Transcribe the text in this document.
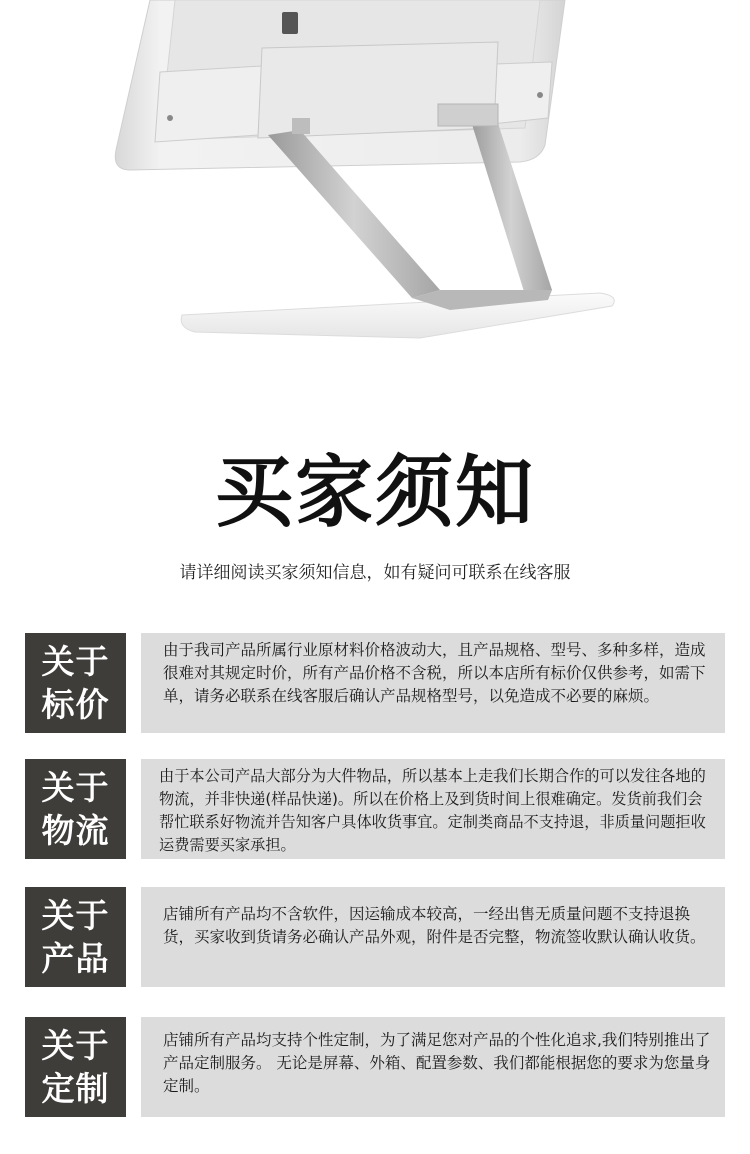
买家须知
请详细阅读买家须知信息，如有疑问可联系在线客服
关于
标价
由于我司产品所属行业原材料价格波动大，且产品规格、型号、多种多样，造成很难对其规定时价，所有产品价格不含税，所以本店所有标价仅供参考，如需下单，请务必联系在线客服后确认产品规格型号，以免造成不必要的麻烦。
关于
物流
由于本公司产品大部分为大件物品，所以基本上走我们长期合作的可以发往各地的物流，并非快递(样品快递)。所以在价格上及到货时间上很难确定。发货前我们会帮忙联系好物流并告知客户具体收货事宜。定制类商品不支持退，非质量问题拒收运费需要买家承担。
关于
产品
店铺所有产品均不含软件，因运输成本较高，一经出售无质量问题不支持退换货，买家收到货请务必确认产品外观，附件是否完整，物流签收默认确认收货。
关于
定制
店铺所有产品均支持个性定制，为了满足您对产品的个性化追求,我们特别推出了产品定制服务。 无论是屏幕、外箱、配置参数、我们都能根据您的要求为您量身定制。
